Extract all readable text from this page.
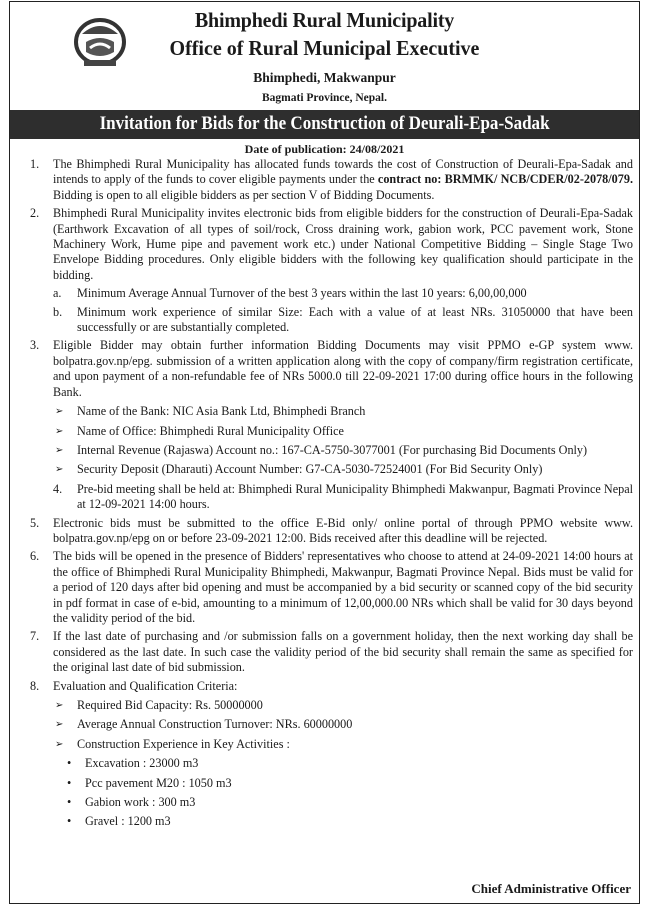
Bhimphedi Rural Municipality
Office of Rural Municipal Executive
Bhimphedi, Makwanpur
Bagmati Province, Nepal.
Invitation for Bids for the Construction of Deurali-Epa-Sadak
Date of publication: 24/08/2021
1. The Bhimphedi Rural Municipality has allocated funds towards the cost of Construction of Deurali-Epa-Sadak and intends to apply of the funds to cover eligible payments under the contract no: BRMMK/ NCB/CDER/02-2078/079. Bidding is open to all eligible bidders as per section V of Bidding Documents.
2. Bhimphedi Rural Municipality invites electronic bids from eligible bidders for the construction of Deurali-Epa-Sadak (Earthwork Excavation of all types of soil/rock, Cross draining work, gabion work, PCC pavement work, Stone Machinery Work, Hume pipe and pavement work etc.) under National Competitive Bidding – Single Stage Two Envelope Bidding procedures. Only eligible bidders with the following key qualification should participate in the bidding.
a. Minimum Average Annual Turnover of the best 3 years within the last 10 years: 6,00,00,000
b. Minimum work experience of similar Size: Each with a value of at least NRs. 31050000 that have been successfully or are substantially completed.
3. Eligible Bidder may obtain further information Bidding Documents may visit PPMO e-GP system www. bolpatra.gov.np/epg. submission of a written application along with the copy of company/firm registration certificate, and upon payment of a non-refundable fee of NRs 5000.0 till 22-09-2021 17:00 during office hours in the following Bank.
➢ Name of the Bank: NIC Asia Bank Ltd, Bhimphedi Branch
➢ Name of Office: Bhimphedi Rural Municipality Office
➢ Internal Revenue (Rajaswa) Account no.: 167-CA-5750-3077001 (For purchasing Bid Documents Only)
➢ Security Deposit (Dharauti) Account Number: G7-CA-5030-72524001 (For Bid Security Only)
4. Pre-bid meeting shall be held at: Bhimphedi Rural Municipality Bhimphedi Makwanpur, Bagmati Province Nepal at 12-09-2021 14:00 hours.
5. Electronic bids must be submitted to the office E-Bid only/ online portal of through PPMO website www. bolpatra.gov.np/epg on or before 23-09-2021 12:00. Bids received after this deadline will be rejected.
6. The bids will be opened in the presence of Bidders' representatives who choose to attend at 24-09-2021 14:00 hours at the office of Bhimphedi Rural Municipality Bhimphedi, Makwanpur, Bagmati Province Nepal. Bids must be valid for a period of 120 days after bid opening and must be accompanied by a bid security or scanned copy of the bid security in pdf format in case of e-bid, amounting to a minimum of 12,00,000.00 NRs which shall be valid for 30 days beyond the validity period of the bid.
7. If the last date of purchasing and /or submission falls on a government holiday, then the next working day shall be considered as the last date. In such case the validity period of the bid security shall remain the same as specified for the original last date of bid submission.
8. Evaluation and Qualification Criteria:
➢ Required Bid Capacity: Rs. 50000000
➢ Average Annual Construction Turnover: NRs. 60000000
➢ Construction Experience in Key Activities :
• Excavation : 23000 m3
• Pcc pavement M20 : 1050 m3
• Gabion work : 300 m3
• Gravel : 1200 m3
Chief Administrative Officer
